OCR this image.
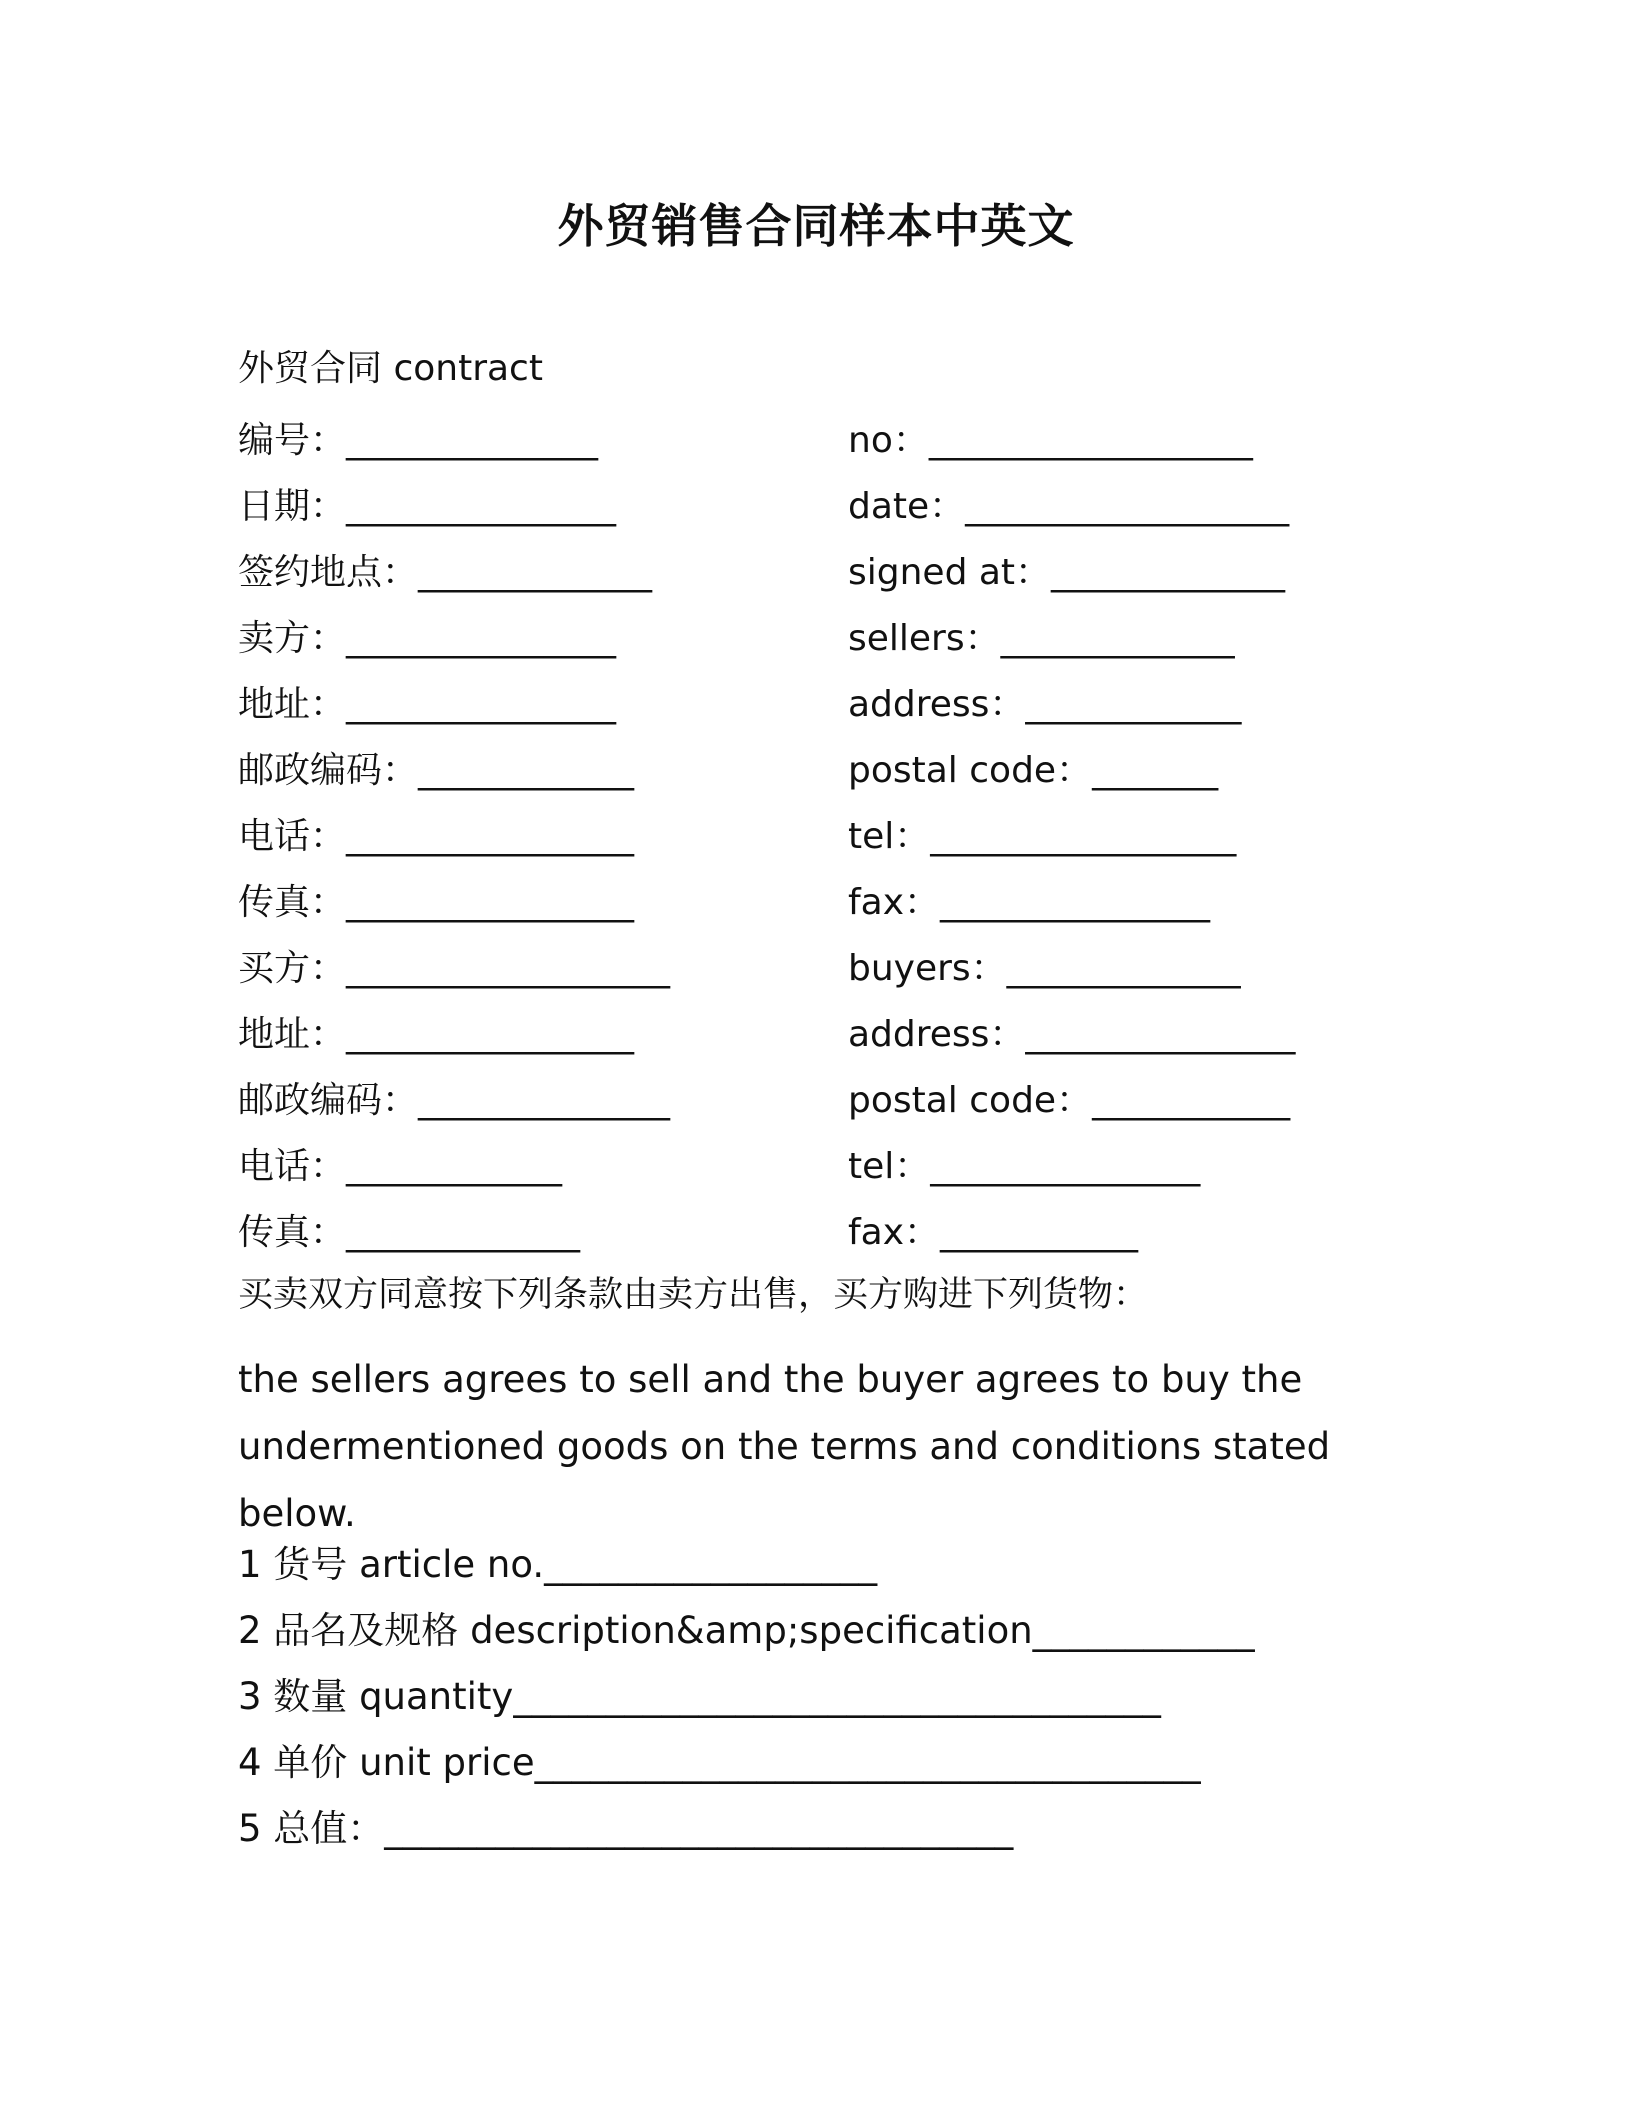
外贸销售合同样本中英文
外贸合同 contract
编号：______________	no：__________________
日期：_______________	date：__________________
签约地点：_____________	signed at：_____________
卖方：_______________	sellers：_____________
地址：_______________	address：____________
邮政编码：____________	postal code：_______
电话：________________	tel：_________________
传真：________________	fax：_______________
买方：__________________	buyers：_____________
地址：________________	address：_______________
邮政编码：______________	postal code：___________
电话：____________	tel：_______________
传真：_____________	fax：___________
买卖双方同意按下列条款由卖方出售，买方购进下列货物：
the sellers agrees to sell and the buyer agrees to buy the
undermentioned goods on the terms and conditions stated
below.
1 货号 article no.__________________
2 品名及规格 description&amp;specification____________
3 数量 quantity___________________________________
4 单价 unit price____________________________________
5 总值：__________________________________
